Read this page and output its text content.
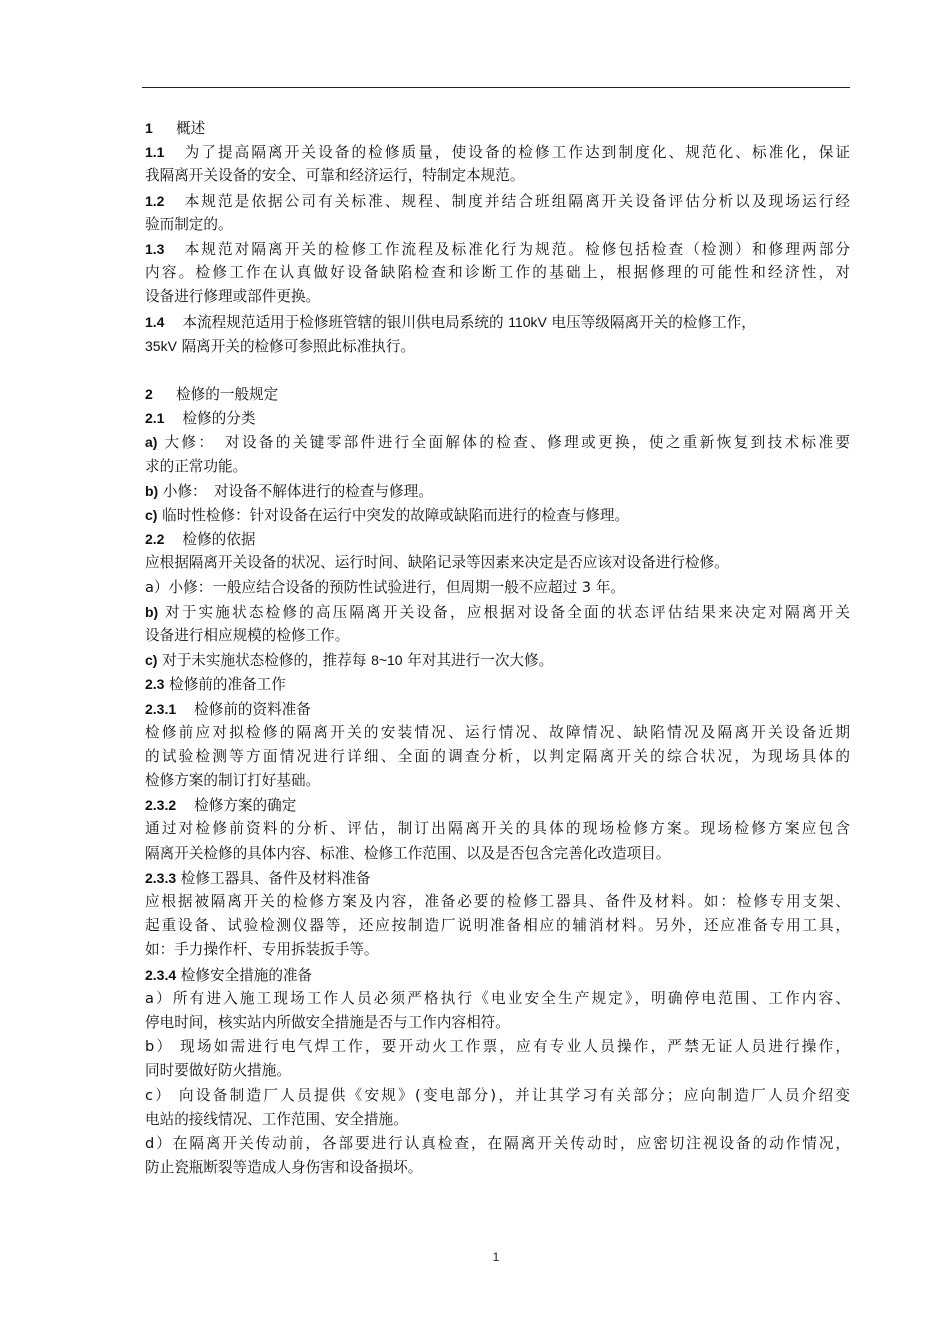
1 概述
1.1 为了提高隔离开关设备的检修质量，使设备的检修工作达到制度化、规范化、标准化，保证
我隔离开关设备的安全、可靠和经济运行，特制定本规范。
1.2 本规范是依据公司有关标准、规程、制度并结合班组隔离开关设备评估分析以及现场运行经
验而制定的。
1.3 本规范对隔离开关的检修工作流程及标准化行为规范。检修包括检查（检测）和修理两部分
内容。检修工作在认真做好设备缺陷检查和诊断工作的基础上，根据修理的可能性和经济性，对
设备进行修理或部件更换。
1.4 本流程规范适用于检修班管辖的银川供电局系统的 110kV 电压等级隔离开关的检修工作，
35kV 隔离开关的检修可参照此标准执行。
2 检修的一般规定
2.1 检修的分类
a) 大修：　对设备的关键零部件进行全面解体的检查、修理或更换，使之重新恢复到技术标准要
求的正常功能。
b) 小修：　对设备不解体进行的检查与修理。
c) 临时性检修：针对设备在运行中突发的故障或缺陷而进行的检查与修理。
2.2 检修的依据
应根据隔离开关设备的状况、运行时间、缺陷记录等因素来决定是否应该对设备进行检修。
a）小修：一般应结合设备的预防性试验进行，但周期一般不应超过 3 年。
b) 对于实施状态检修的高压隔离开关设备，应根据对设备全面的状态评估结果来决定对隔离开关
设备进行相应规模的检修工作。
c) 对于未实施状态检修的，推荐每 8~10 年对其进行一次大修。
2.3 检修前的准备工作
2.3.1 检修前的资料准备
检修前应对拟检修的隔离开关的安装情况、运行情况、故障情况、缺陷情况及隔离开关设备近期
的试验检测等方面情况进行详细、全面的调查分析，以判定隔离开关的综合状况，为现场具体的
检修方案的制订打好基础。
2.3.2 检修方案的确定
通过对检修前资料的分析、评估，制订出隔离开关的具体的现场检修方案。现场检修方案应包含
隔离开关检修的具体内容、标准、检修工作范围、以及是否包含完善化改造项目。
2.3.3 检修工器具、备件及材料准备
应根据被隔离开关的检修方案及内容，准备必要的检修工器具、备件及材料。如：检修专用支架、
起重设备、试验检测仪器等，还应按制造厂说明准备相应的辅消材料。另外，还应准备专用工具，
如：手力操作杆、专用拆装扳手等。
2.3.4 检修安全措施的准备
a）所有进入施工现场工作人员必须严格执行《电业安全生产规定》，明确停电范围、工作内容、
停电时间，核实站内所做安全措施是否与工作内容相符。
b） 现场如需进行电气焊工作，要开动火工作票，应有专业人员操作，严禁无证人员进行操作，
同时要做好防火措施。
c） 向设备制造厂人员提供《安规》(变电部分)，并让其学习有关部分；应向制造厂人员介绍变
电站的接线情况、工作范围、安全措施。
d）在隔离开关传动前，各部要进行认真检查，在隔离开关传动时，应密切注视设备的动作情况，
防止瓷瓶断裂等造成人身伤害和设备损坏。
1
